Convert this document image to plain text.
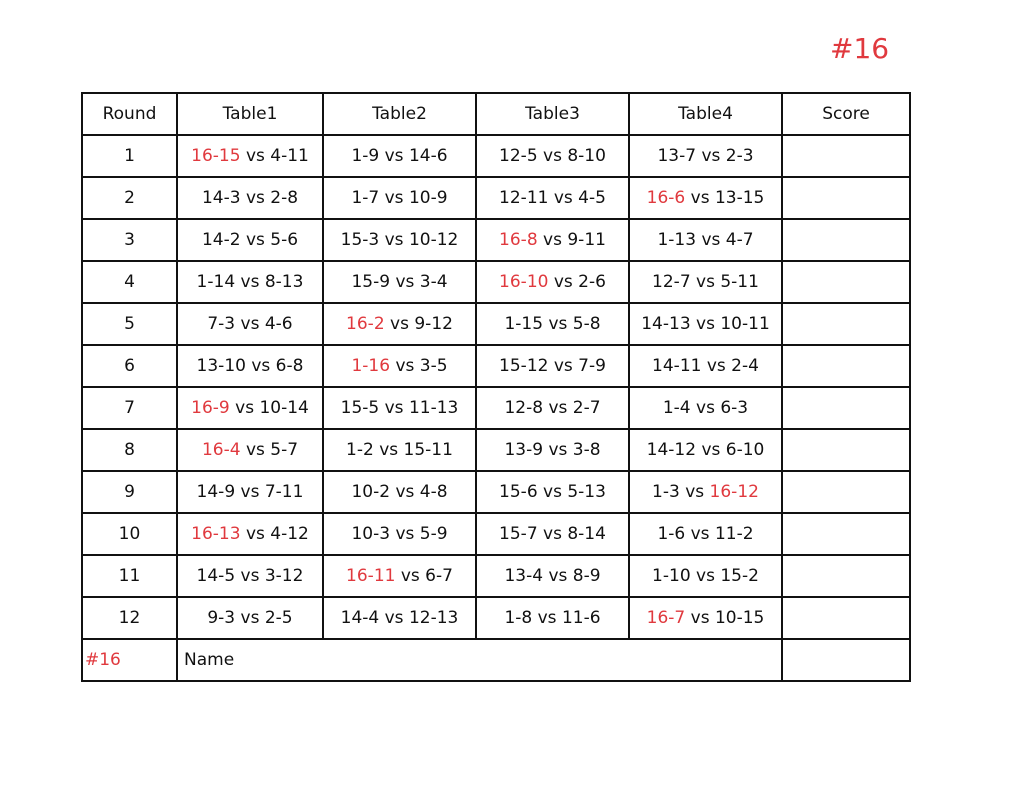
#16
Round	Table1	Table2	Table3	Table4	Score
1	16-15 vs 4-11	1-9 vs 14-6	12-5 vs 8-10	13-7 vs 2-3	
2	14-3 vs 2-8	1-7 vs 10-9	12-11 vs 4-5	16-6 vs 13-15	
3	14-2 vs 5-6	15-3 vs 10-12	16-8 vs 9-11	1-13 vs 4-7	
4	1-14 vs 8-13	15-9 vs 3-4	16-10 vs 2-6	12-7 vs 5-11	
5	7-3 vs 4-6	16-2 vs 9-12	1-15 vs 5-8	14-13 vs 10-11	
6	13-10 vs 6-8	1-16 vs 3-5	15-12 vs 7-9	14-11 vs 2-4	
7	16-9 vs 10-14	15-5 vs 11-13	12-8 vs 2-7	1-4 vs 6-3	
8	16-4 vs 5-7	1-2 vs 15-11	13-9 vs 3-8	14-12 vs 6-10	
9	14-9 vs 7-11	10-2 vs 4-8	15-6 vs 5-13	1-3 vs 16-12	
10	16-13 vs 4-12	10-3 vs 5-9	15-7 vs 8-14	1-6 vs 11-2	
11	14-5 vs 3-12	16-11 vs 6-7	13-4 vs 8-9	1-10 vs 15-2	
12	9-3 vs 2-5	14-4 vs 12-13	1-8 vs 11-6	16-7 vs 10-15	
#16	Name				
